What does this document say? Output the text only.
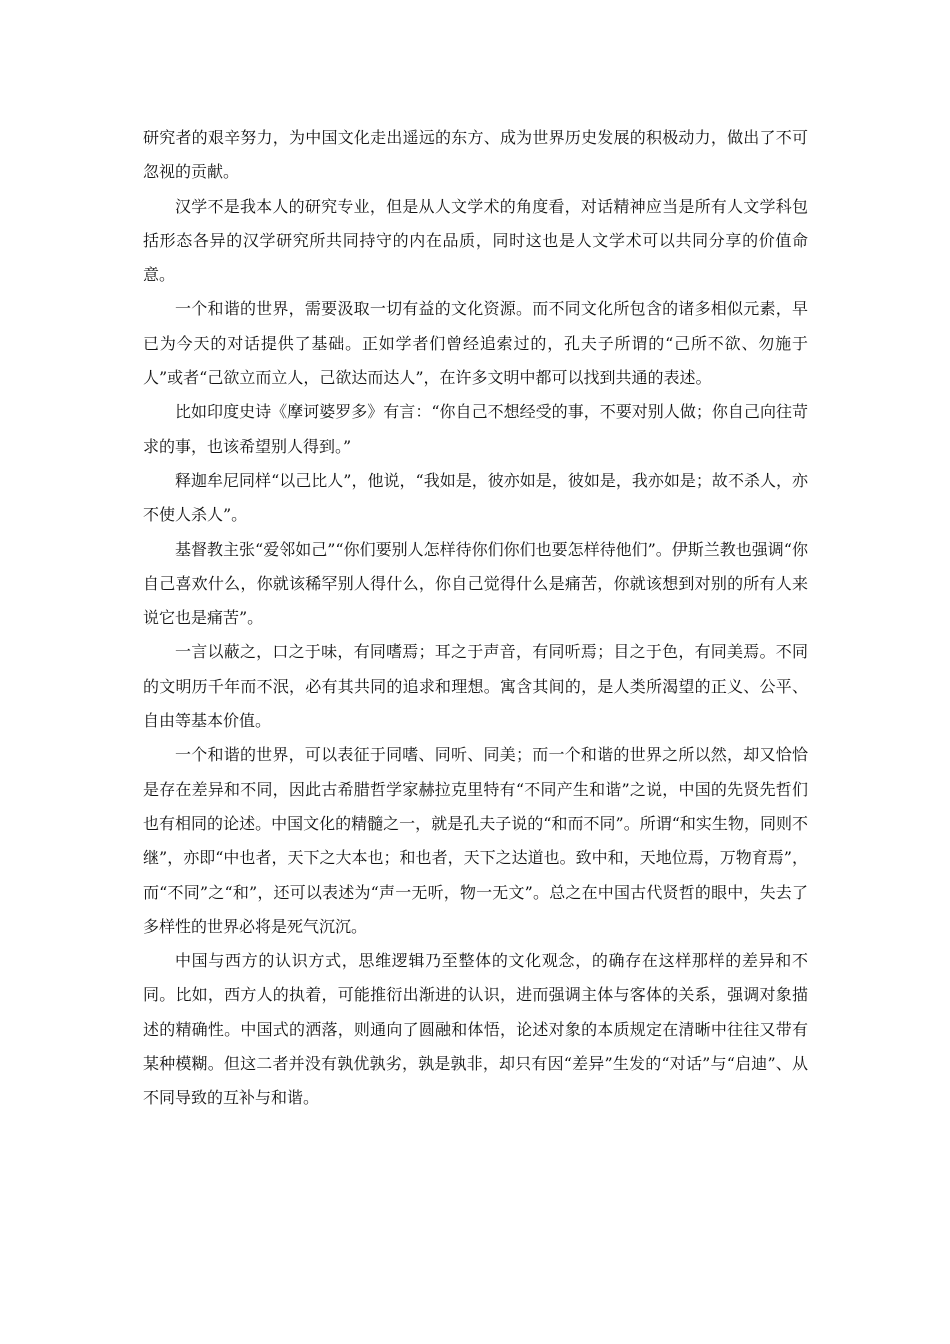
研究者的艰辛努力，为中国文化走出遥远的东方、成为世界历史发展的积极动力，做出了不可忽视的贡献。

汉学不是我本人的研究专业，但是从人文学术的角度看，对话精神应当是所有人文学科包括形态各异的汉学研究所共同持守的内在品质，同时这也是人文学术可以共同分享的价值命意。

一个和谐的世界，需要汲取一切有益的文化资源。而不同文化所包含的诸多相似元素，早已为今天的对话提供了基础。正如学者们曾经追索过的，孔夫子所谓的“己所不欲、勿施于人”或者“己欲立而立人，己欲达而达人”，在许多文明中都可以找到共通的表述。

比如印度史诗《摩诃婆罗多》有言：“你自己不想经受的事，不要对别人做；你自己向往苛求的事，也该希望别人得到。”

释迦牟尼同样“以己比人”，他说，“我如是，彼亦如是，彼如是，我亦如是；故不杀人，亦不使人杀人”。

基督教主张“爱邻如己”“你们要别人怎样待你们你们也要怎样待他们”。伊斯兰教也强调“你自己喜欢什么，你就该稀罕别人得什么，你自己觉得什么是痛苦，你就该想到对别的所有人来说它也是痛苦”。

一言以蔽之，口之于味，有同嗜焉；耳之于声音，有同听焉；目之于色，有同美焉。不同的文明历千年而不泯，必有其共同的追求和理想。寓含其间的，是人类所渴望的正义、公平、自由等基本价值。

一个和谐的世界，可以表征于同嗜、同听、同美；而一个和谐的世界之所以然，却又恰恰是存在差异和不同，因此古希腊哲学家赫拉克里特有“不同产生和谐”之说，中国的先贤先哲们也有相同的论述。中国文化的精髓之一，就是孔夫子说的“和而不同”。所谓“和实生物，同则不继”，亦即“中也者，天下之大本也；和也者，天下之达道也。致中和，天地位焉，万物育焉”，而“不同”之“和”，还可以表述为“声一无听，物一无文”。总之在中国古代贤哲的眼中，失去了多样性的世界必将是死气沉沉。

中国与西方的认识方式，思维逻辑乃至整体的文化观念，的确存在这样那样的差异和不同。比如，西方人的执着，可能推衍出渐进的认识，进而强调主体与客体的关系，强调对象描述的精确性。中国式的洒落，则通向了圆融和体悟，论述对象的本质规定在清晰中往往又带有某种模糊。但这二者并没有孰优孰劣，孰是孰非，却只有因“差异”生发的“对话”与“启迪”、从不同导致的互补与和谐。
